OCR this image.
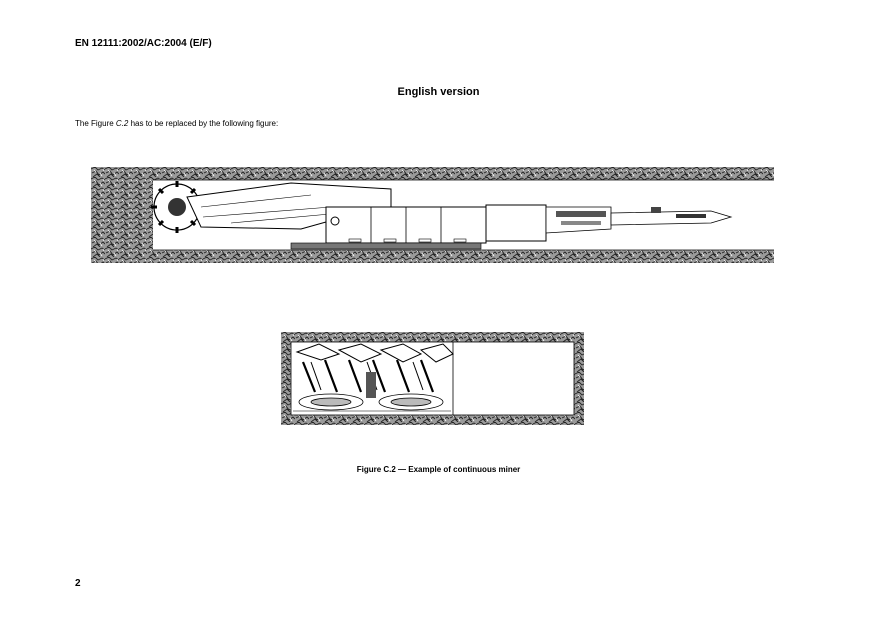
EN 12111:2002/AC:2004 (E/F)
English version
The Figure C.2 has to be replaced by the following figure:
Figure C.2 — Example of continuous miner
2
